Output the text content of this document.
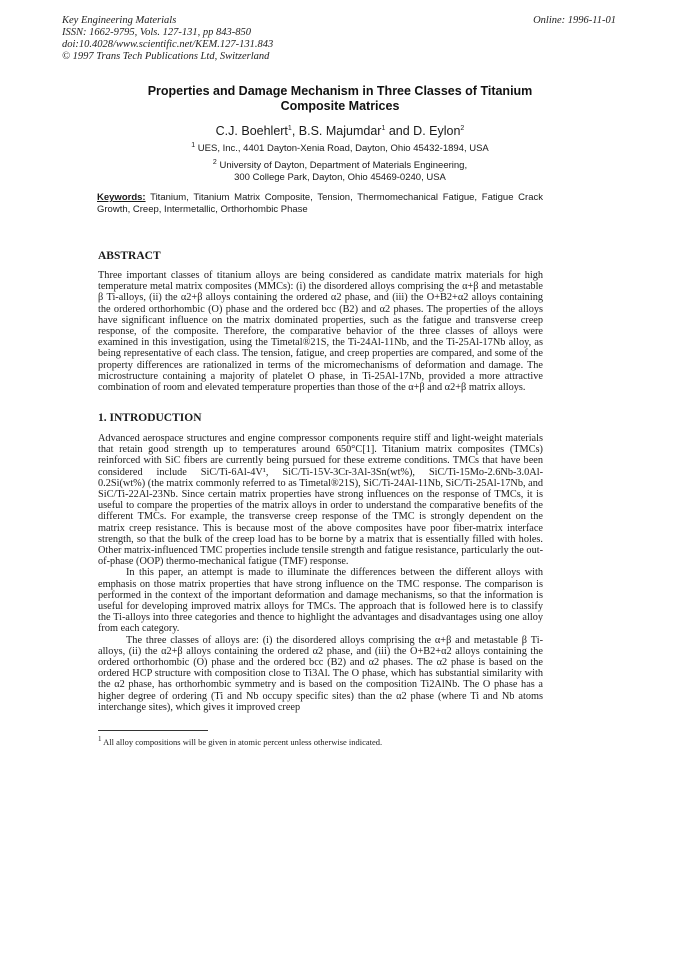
Key Engineering Materials
ISSN: 1662-9795, Vols. 127-131, pp 843-850
doi:10.4028/www.scientific.net/KEM.127-131.843
© 1997 Trans Tech Publications Ltd, Switzerland
Online: 1996-11-01
Properties and Damage Mechanism in Three Classes of Titanium
Composite Matrices
C.J. Boehlert$^1$, B.S. Majumdar$^1$ and D. Eylon$^2$
$^1$ UES, Inc., 4401 Dayton-Xenia Road, Dayton, Ohio 45432-1894, USA
$^2$ University of Dayton, Department of Materials Engineering,
300 College Park, Dayton, Ohio 45469-0240, USA
Keywords: Titanium, Titanium Matrix Composite, Tension, Thermomechanical Fatigue, Fatigue Crack Growth, Creep, Intermetallic, Orthorhombic Phase
ABSTRACT

Three important classes of titanium alloys are being considered as candidate matrix materials for high temperature metal matrix composites (MMCs): (i) the disordered alloys comprising the α+β and metastable β Ti-alloys, (ii) the α2+β alloys containing the ordered α2 phase, and (iii) the O+B2+α2 alloys containing the ordered orthorhombic (O) phase and the ordered bcc (B2) and α2 phases. The properties of the alloys have significant influence on the matrix dominated properties, such as the fatigue and transverse creep response, of the composite. Therefore, the comparative behavior of the three classes of alloys were examined in this investigation, using the Timetal®21S, the Ti-24Al-11Nb, and the Ti-25Al-17Nb alloy, as being representative of each class. The tension, fatigue, and creep properties are compared, and some of the property differences are rationalized in terms of the micromechanisms of deformation and damage. The microstructure containing a majority of platelet O phase, in Ti-25Al-17Nb, provided a more attractive combination of room and elevated temperature properties than those of the α+β and α2+β matrix alloys.

1. INTRODUCTION

Advanced aerospace structures and engine compressor components require stiff and light-weight materials that retain good strength up to temperatures around 650°C[1]. Titanium matrix composites (TMCs) reinforced with SiC fibers are currently being pursued for these extreme conditions. TMCs that have been considered include SiC/Ti-6Al-4V¹, SiC/Ti-15V-3Cr-3Al-3Sn(wt%), SiC/Ti-15Mo-2.6Nb-3.0Al-0.2Si(wt%) (the matrix commonly referred to as Timetal®21S), SiC/Ti-24Al-11Nb, SiC/Ti-25Al-17Nb, and SiC/Ti-22Al-23Nb. Since certain matrix properties have strong influences on the response of TMCs, it is useful to compare the properties of the matrix alloys in order to understand the comparative benefits of the different TMCs. For example, the transverse creep response of the TMC is strongly dependent on the matrix creep resistance. This is because most of the above composites have poor fiber-matrix interface strength, so that the bulk of the creep load has to be borne by a matrix that is essentially filled with holes. Other matrix-influenced TMC properties include tensile strength and fatigue resistance, particularly the out-of-phase (OOP) thermo-mechanical fatigue (TMF) response.

In this paper, an attempt is made to illuminate the differences between the different alloys with emphasis on those matrix properties that have strong influence on the TMC response. The comparison is performed in the context of the important deformation and damage mechanisms, so that the information is useful for developing improved matrix alloys for TMCs. The approach that is followed here is to classify the Ti-alloys into three categories and thence to highlight the advantages and disadvantages using one alloy from each category.

The three classes of alloys are: (i) the disordered alloys comprising the α+β and metastable β Ti-alloys, (ii) the α2+β alloys containing the ordered α2 phase, and (iii) the O+B2+α2 alloys containing the ordered orthorhombic (O) phase and the ordered bcc (B2) and α2 phases. The α2 phase is based on the ordered HCP structure with composition close to Ti3Al. The O phase, which has substantial similarity with the α2 phase, has orthorhombic symmetry and is based on the composition Ti2AlNb. The O phase has a higher degree of ordering (Ti and Nb occupy specific sites) than the α2 phase (where Ti and Nb atoms interchange sites), which gives it improved creep

$^1$ All alloy compositions will be given in atomic percent unless otherwise indicated.
